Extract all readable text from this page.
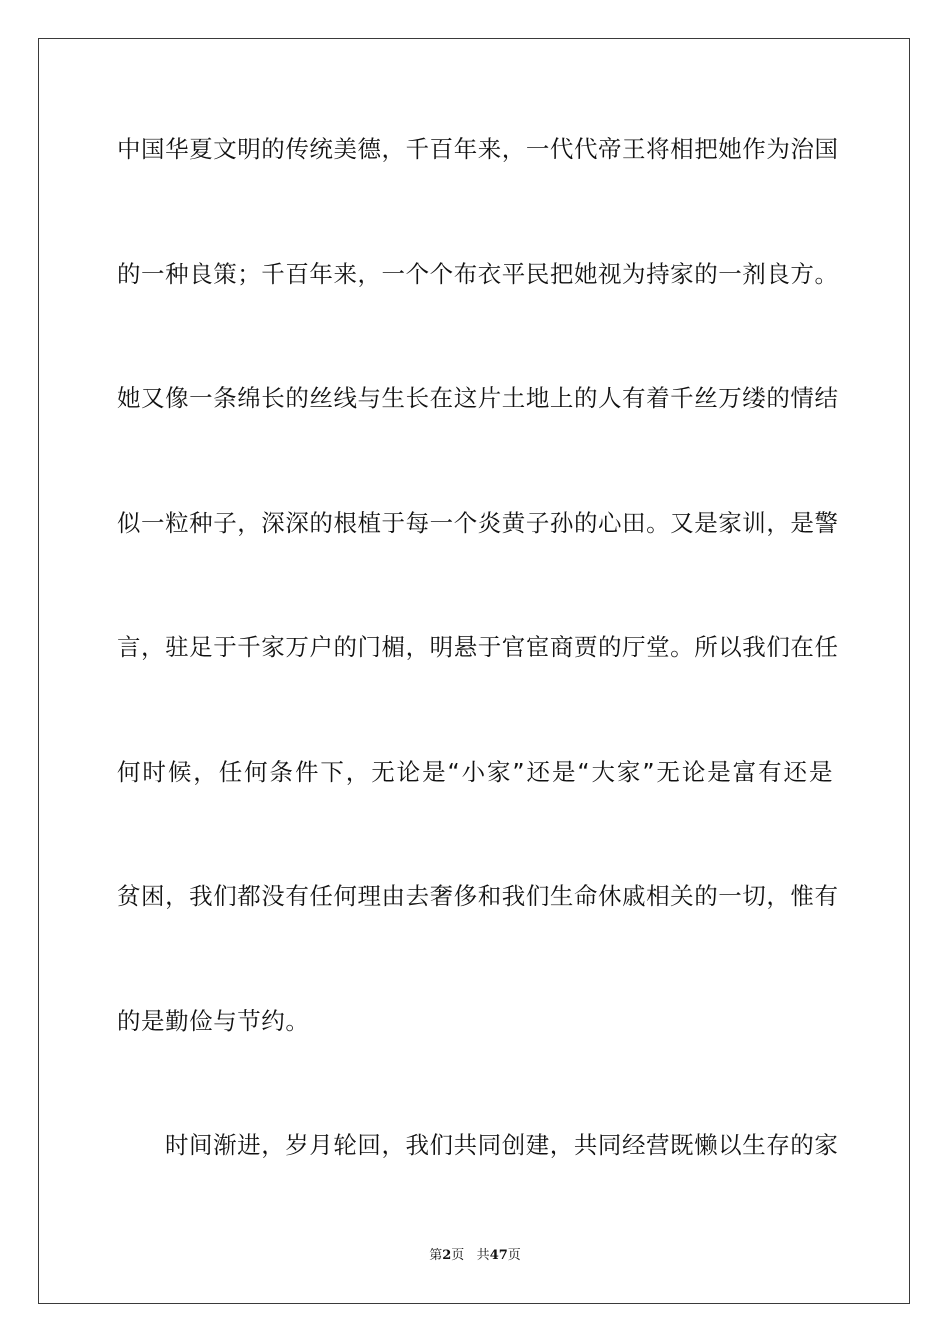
中国华夏文明的传统美德，千百年来，一代代帝王将相把她作为治国
的一种良策；千百年来，一个个布衣平民把她视为持家的一剂良方。
她又像一条绵长的丝线与生长在这片土地上的人有着千丝万缕的情结
似一粒种子，深深的根植于每一个炎黄子孙的心田。又是家训，是警
言，驻足于千家万户的门楣，明悬于官宦商贾的厅堂。所以我们在任
何时候，任何条件下，无论是“小家”还是“大家”无论是富有还是
贫困，我们都没有任何理由去奢侈和我们生命休戚相关的一切，惟有
的是勤俭与节约。
时间渐进，岁月轮回，我们共同创建，共同经营既懒以生存的家
第2页 共47页
